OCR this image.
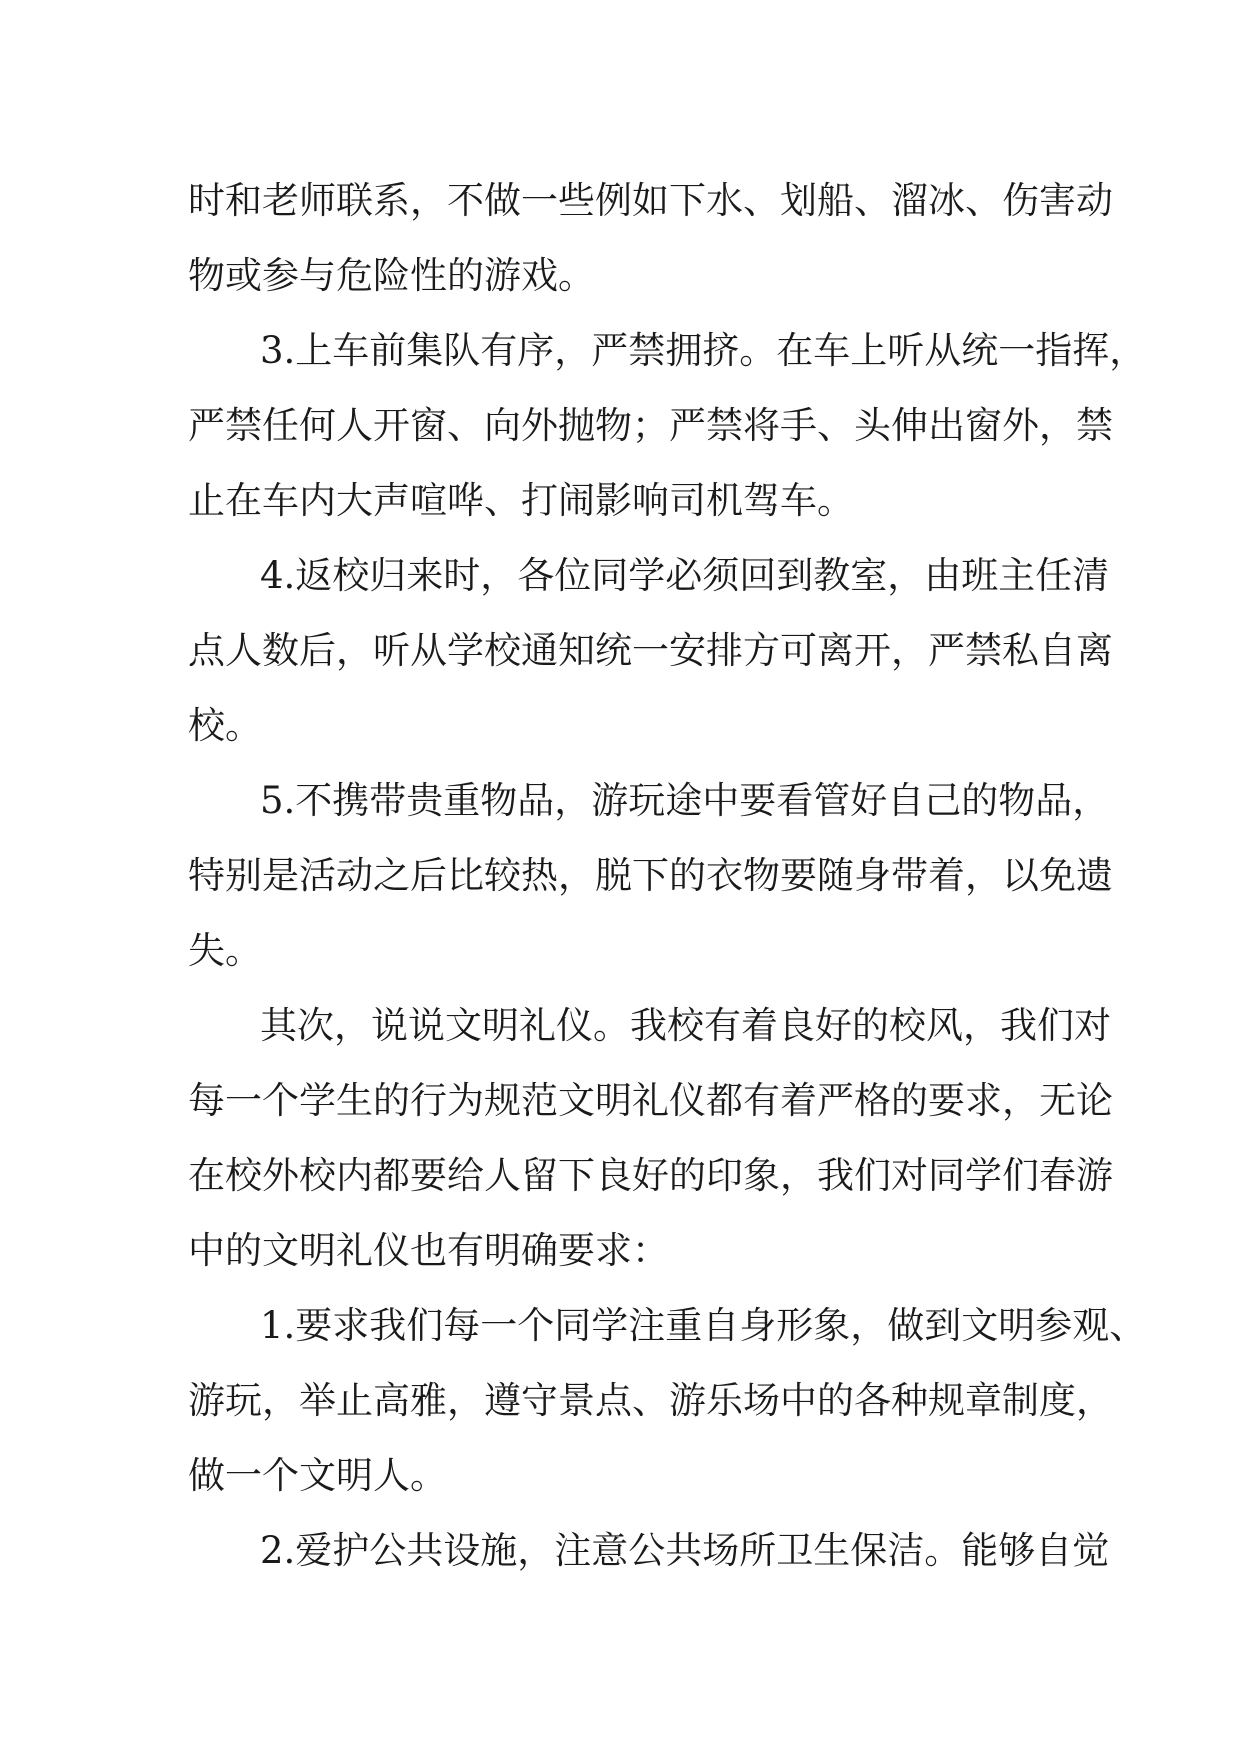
时和老师联系，不做一些例如下水、划船、溜冰、伤害动
物或参与危险性的游戏。
3.上车前集队有序，严禁拥挤。在车上听从统一指挥，
严禁任何人开窗、向外抛物；严禁将手、头伸出窗外，禁
止在车内大声喧哗、打闹影响司机驾车。
4.返校归来时，各位同学必须回到教室，由班主任清
点人数后，听从学校通知统一安排方可离开，严禁私自离
校。
5.不携带贵重物品，游玩途中要看管好自己的物品，
特别是活动之后比较热，脱下的衣物要随身带着，以免遗
失。
其次，说说文明礼仪。我校有着良好的校风，我们对
每一个学生的行为规范文明礼仪都有着严格的要求，无论
在校外校内都要给人留下良好的印象，我们对同学们春游
中的文明礼仪也有明确要求：
1.要求我们每一个同学注重自身形象，做到文明参观、
游玩，举止高雅，遵守景点、游乐场中的各种规章制度，
做一个文明人。
2.爱护公共设施，注意公共场所卫生保洁。能够自觉
